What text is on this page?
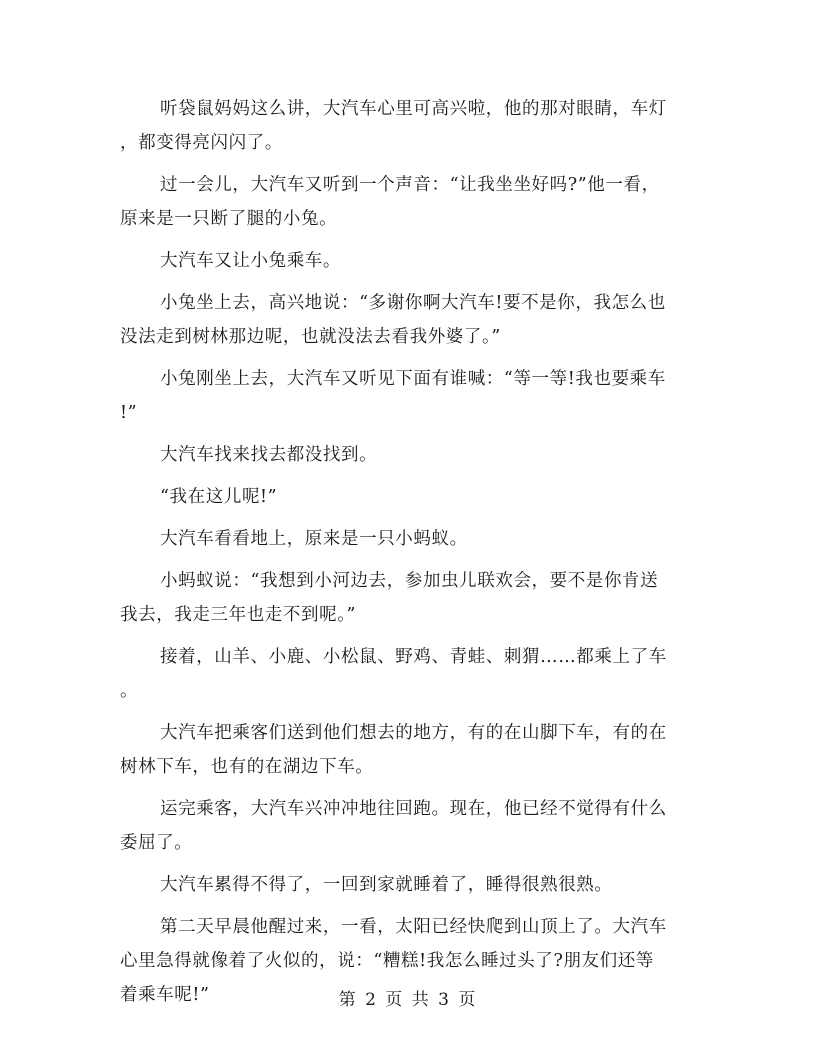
听袋鼠妈妈这么讲，大汽车心里可高兴啦，他的那对眼睛，车灯
，都变得亮闪闪了。

过一会儿，大汽车又听到一个声音：“让我坐坐好吗?”他一看，
原来是一只断了腿的小兔。

大汽车又让小兔乘车。

小兔坐上去，高兴地说：“多谢你啊大汽车!要不是你，我怎么也
没法走到树林那边呢，也就没法去看我外婆了。”

小兔刚坐上去，大汽车又听见下面有谁喊：“等一等!我也要乘车
!”

大汽车找来找去都没找到。

“我在这儿呢!”

大汽车看看地上，原来是一只小蚂蚁。

小蚂蚁说：“我想到小河边去，参加虫儿联欢会，要不是你肯送
我去，我走三年也走不到呢。”

接着，山羊、小鹿、小松鼠、野鸡、青蛙、刺猬……都乘上了车
。

大汽车把乘客们送到他们想去的地方，有的在山脚下车，有的在
树林下车，也有的在湖边下车。

运完乘客，大汽车兴冲冲地往回跑。现在，他已经不觉得有什么
委屈了。

大汽车累得不得了，一回到家就睡着了，睡得很熟很熟。

第二天早晨他醒过来，一看，太阳已经快爬到山顶上了。大汽车
心里急得就像着了火似的，说：“糟糕!我怎么睡过头了?朋友们还等
着乘车呢!”	第 2 页 共 3 页
